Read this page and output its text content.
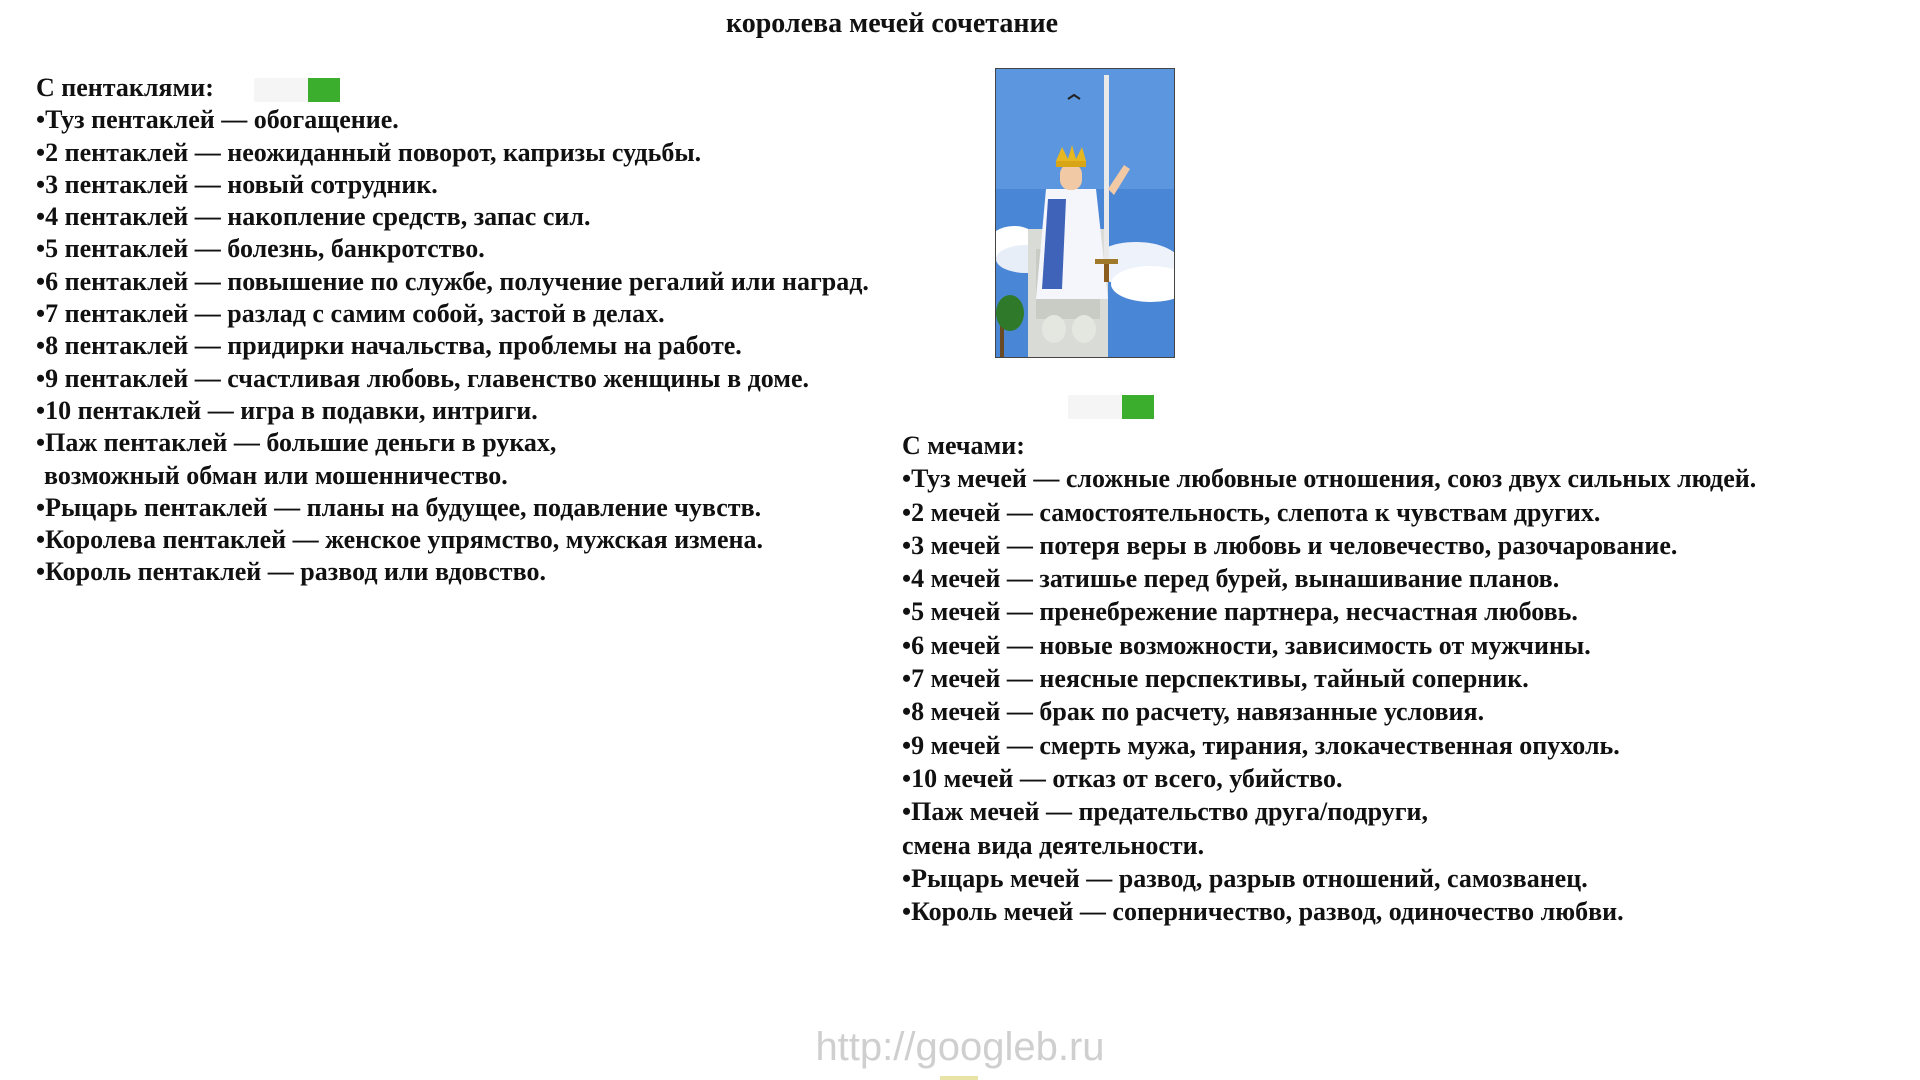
королева мечей сочетание
С пентаклями:
•Туз пентаклей — обогащение.
•2 пентаклей — неожиданный поворот, капризы судьбы.
•3 пентаклей — новый сотрудник.
•4 пентаклей — накопление средств, запас сил.
•5 пентаклей — болезнь, банкротство.
•6 пентаклей — повышение по службе, получение регалий или наград.
•7 пентаклей — разлад с самим собой, застой в делах.
•8 пентаклей — придирки начальства, проблемы на работе.
•9 пентаклей — счастливая любовь, главенство женщины в доме.
•10 пентаклей — игра в подавки, интриги.
•Паж пентаклей — большие деньги в руках,
возможный обман или мошенничество.
•Рыцарь пентаклей — планы на будущее, подавление чувств.
•Королева пентаклей — женское упрямство, мужская измена.
•Король пентаклей — развод или вдовство.
С мечами:
•Туз мечей — сложные любовные отношения, союз двух сильных людей.
•2 мечей — самостоятельность, слепота к чувствам других.
•3 мечей — потеря веры в любовь и человечество, разочарование.
•4 мечей — затишье перед бурей, вынашивание планов.
•5 мечей — пренебрежение партнера, несчастная любовь.
•6 мечей — новые возможности, зависимость от мужчины.
•7 мечей — неясные перспективы, тайный соперник.
•8 мечей — брак по расчету, навязанные условия.
•9 мечей — смерть мужа, тирания, злокачественная опухоль.
•10 мечей — отказ от всего, убийство.
•Паж мечей — предательство друга/подруги,
смена вида деятельности.
•Рыцарь мечей — развод, разрыв отношений, самозванец.
•Король мечей — соперничество, развод, одиночество любви.
http://googleb.ru
